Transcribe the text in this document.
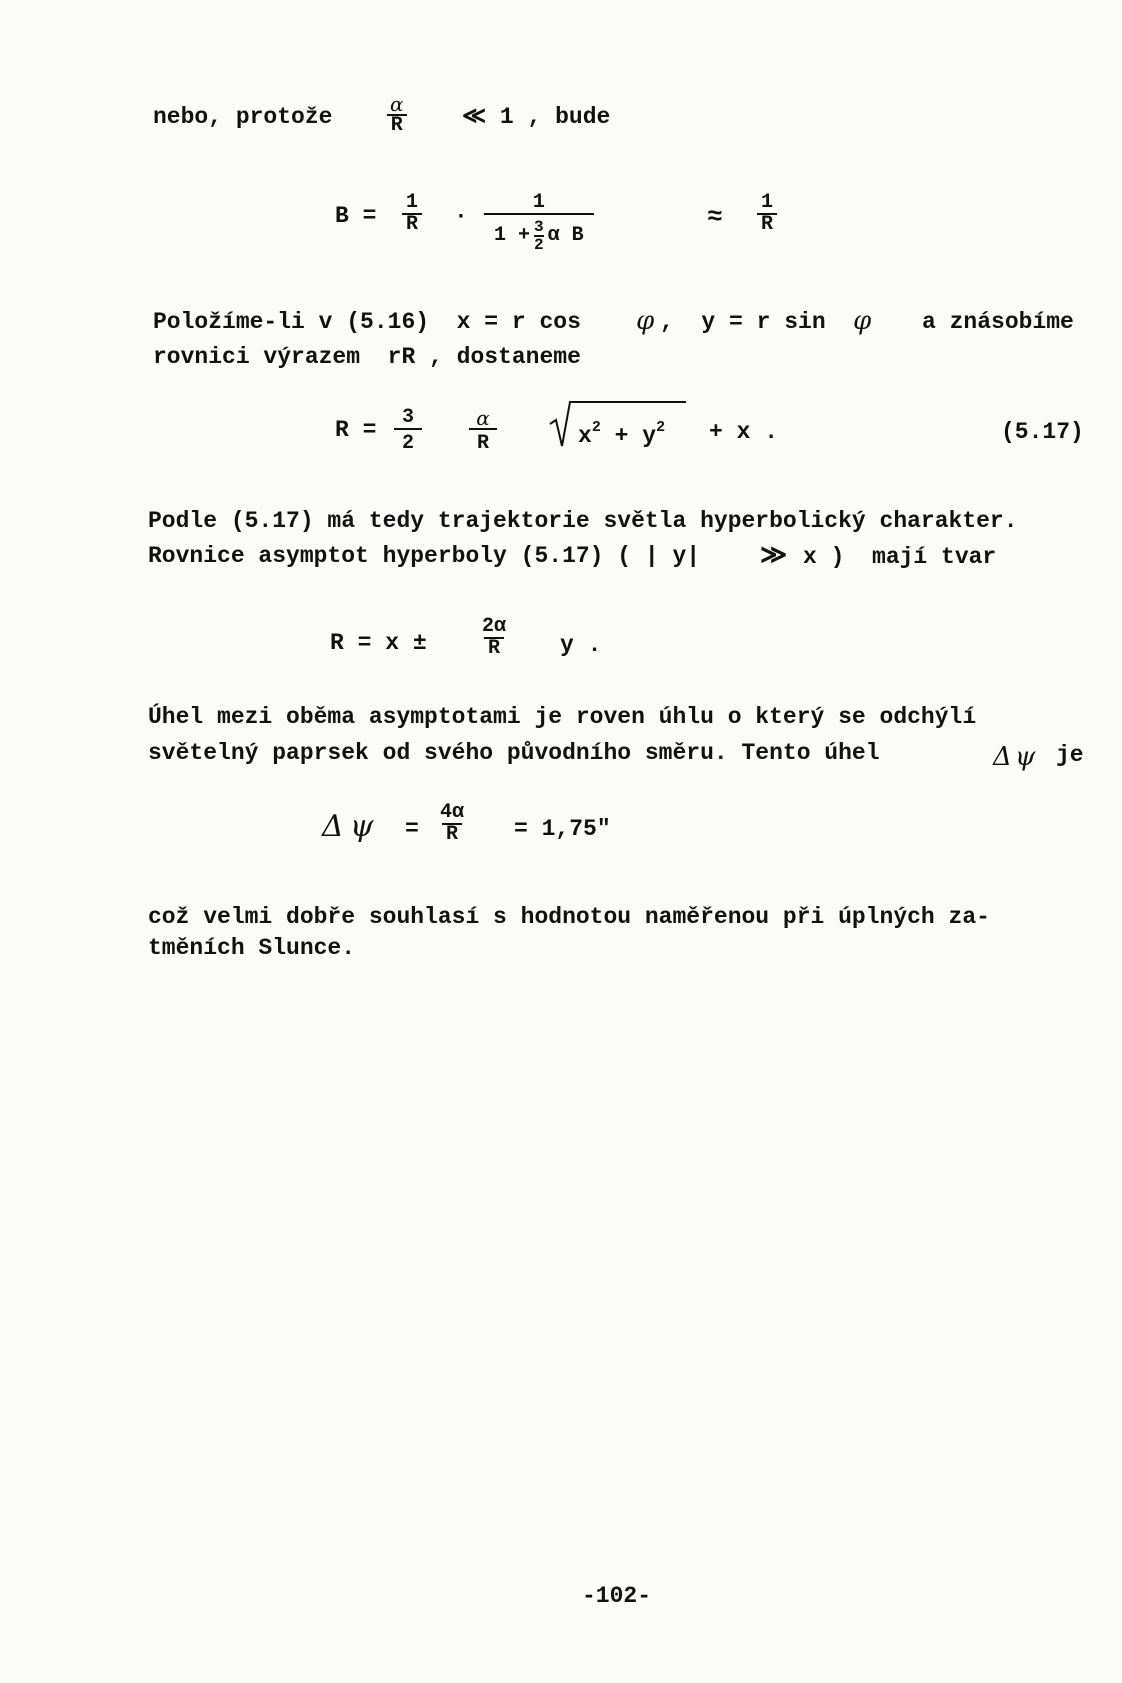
nebo, protože	$\frac{\alpha}{R}$ ≪ 1 , bude
$B = \frac{1}{R} \cdot \frac{1}{1 + \frac{3}{2} \alpha B}$	≈ $\frac{1}{R}$
Položíme-li v (5.16)  x = r cos φ ,  y = r sin φ a znásobíme
rovnici výrazem  rR , dostaneme
$R = \frac{3}{2} \frac{\alpha}{R}$	$x^2 + y^2 + x$ .	(5.17)
Podle (5.17) má tedy trajektorie světla hyperbolický charakter.
Rovnice asymptot hyperboly (5.17) ( | y| ≫ x )  mají tvar
R = x ±	$\frac{2\alpha}{R}$ y .
Úhel mezi oběma asymptotami je roven úhlu o který se odchýlí
světelný paprsek od svého původního směru. Tento úhel	Δ ψ je
Δ $\psi = \frac{4\alpha}{R} = 1,75$"
což velmi dobře souhlasí s hodnotou naměřenou při úplných za-
tměních Slunce.
-102-
